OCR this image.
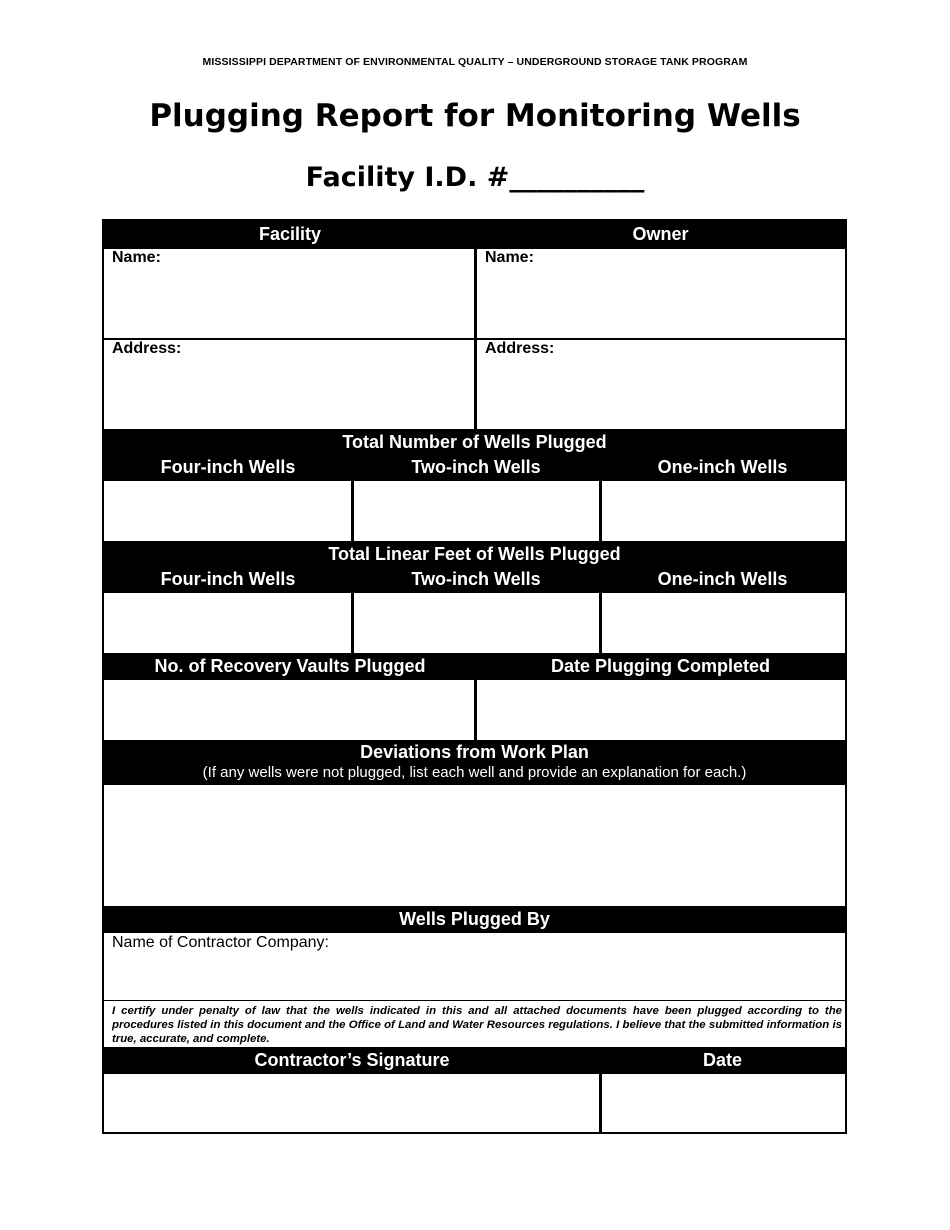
MISSISSIPPI DEPARTMENT OF ENVIRONMENTAL QUALITY – UNDERGROUND STORAGE TANK PROGRAM
Plugging Report for Monitoring Wells
Facility I.D. #__________
Facility	Owner
Name:	Name:
Address:	Address:
Total Number of Wells Plugged
Four-inch Wells	Two-inch Wells	One-inch Wells
Total Linear Feet of Wells Plugged
Four-inch Wells	Two-inch Wells	One-inch Wells
No. of Recovery Vaults Plugged	Date Plugging Completed
Deviations from Work Plan
(If any wells were not plugged, list each well and provide an explanation for each.)
Wells Plugged By
Name of Contractor Company:
I certify under penalty of law that the wells indicated in this and all attached documents have been plugged according to the procedures listed in this document and the Office of Land and Water Resources regulations. I believe that the submitted information is true, accurate, and complete.
Contractor’s Signature	Date
